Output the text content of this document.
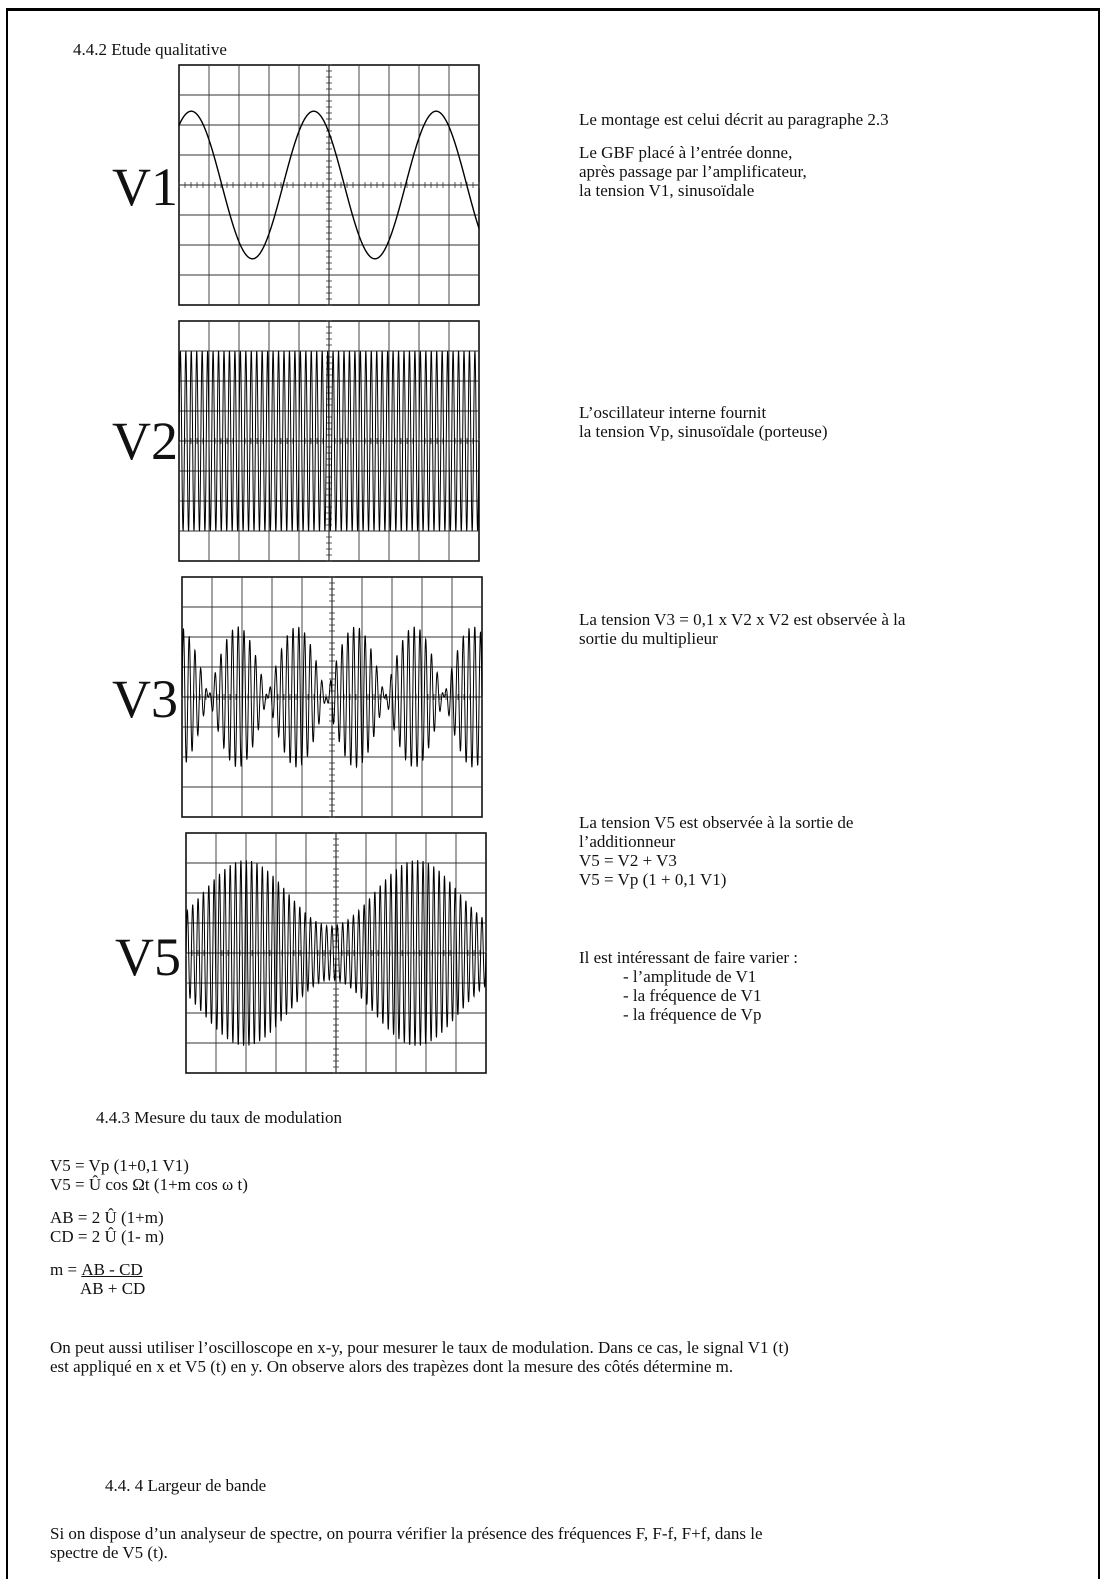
4.4.2 Etude qualitative
V1
V2
V3
V5
Le montage est celui décrit au paragraphe 2.3
Le GBF placé à l’entrée donne,
après passage par l’amplificateur,
la tension V1, sinusoïdale
L’oscillateur interne fournit
la tension Vp, sinusoïdale (porteuse)
La tension V3 = 0,1 x V2 x V2 est observée à la
sortie du multiplieur
La tension V5 est observée à la sortie de
l’additionneur
V5 = V2 + V3
V5 = Vp (1 + 0,1 V1)
Il est intéressant de faire varier :
- l’amplitude de V1
- la fréquence de V1
- la fréquence de Vp
4.4.3 Mesure du taux de modulation
V5 = Vp (1+0,1 V1)
V5 = Û cos Ωt (1+m cos ω t)
AB = 2 Û (1+m)
CD = 2 Û (1- m)
m = AB - CD
AB + CD
On peut aussi utiliser l’oscilloscope en x-y, pour mesurer le taux de modulation. Dans ce cas, le signal V1 (t)
est appliqué en x et V5 (t) en y. On observe alors des trapèzes dont la mesure des côtés détermine m.
4.4. 4 Largeur de bande
Si on dispose d’un analyseur de spectre, on pourra vérifier la présence des fréquences F, F-f, F+f, dans le
spectre de V5 (t).
